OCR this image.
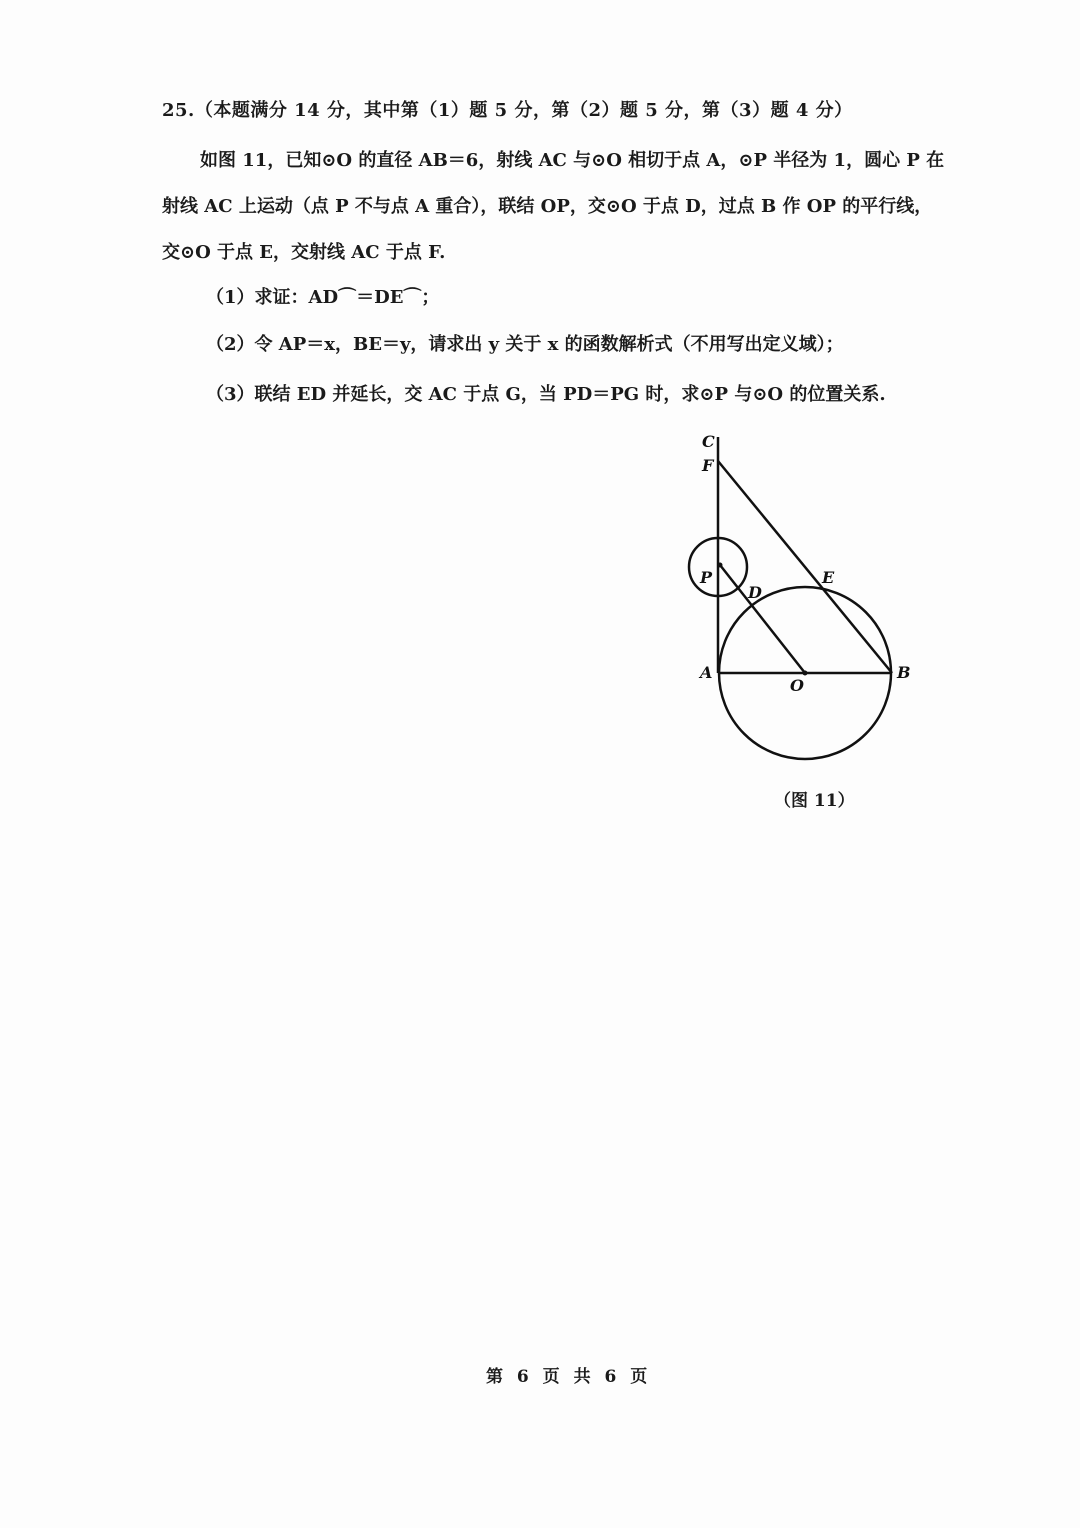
25.（本题满分 14 分，其中第（1）题 5 分，第（2）题 5 分，第（3）题 4 分）

如图 11，已知⊙O 的直径 AB＝6，射线 AC 与⊙O 相切于点 A，⊙P 半径为 1，圆心 P 在

射线 AC 上运动（点 P 不与点 A 重合），联结 OP，交⊙O 于点 D，过点 B 作 OP 的平行线，

交⊙O 于点 E，交射线 AC 于点 F.

（1）求证：AD⌒＝DE⌒；
（2）令 AP＝x，BE＝y，请求出 y 关于 x 的函数解析式（不用写出定义域）；
（3）联结 ED 并延长，交 AC 于点 G，当 PD＝PG 时，求⊙P 与⊙O 的位置关系.
C
F
P
D
E
A
O
B
（图 11）
第 6 页 共 6 页
